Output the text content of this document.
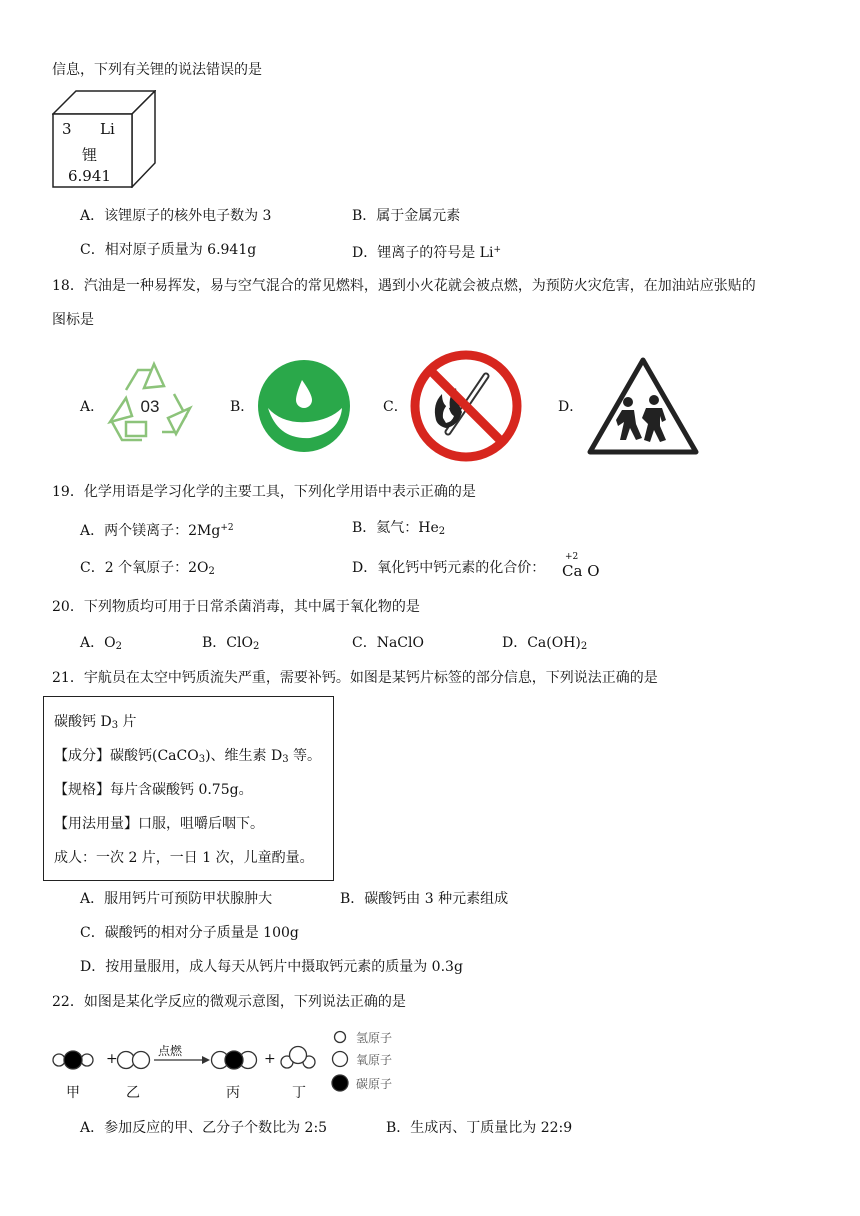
信息，下列有关锂的说法错误的是
3 Li
锂
6.941
A．该锂原子的核外电子数为 3	B．属于金属元素
C．相对原子质量为 6.941g	D．锂离子的符号是 Li+
18．汽油是一种易挥发，易与空气混合的常见燃料，遇到小火花就会被点燃，为预防火灾危害，在加油站应张贴的
图标是
A． 03	B．	C．	D．
19．化学用语是学习化学的主要工具，下列化学用语中表示正确的是
A．两个镁离子：$2Mg^{+2}$	B．氦气：$He_2$
C．2 个氧原子：$2O_2$	D．氧化钙中钙元素的化合价：
+2
Ca O
20．下列物质均可用于日常杀菌消毒，其中属于氧化物的是
A．$O_2$	B．ClO$_2$	C．NaClO	D．$Ca(OH)_2$
21．宇航员在太空中钙质流失严重，需要补钙。如图是某钙片标签的部分信息，下列说法正确的是
碳酸钙 $D_3$ 片
【成分】碳酸钙(CaCO$_3$)、维生素 $D_3$ 等。
【规格】每片含碳酸钙 0.75g。
【用法用量】口服，咀嚼后咽下。
成人：一次 2 片，一日 1 次，儿童酌量。
A．服用钙片可预防甲状腺肿大	B．碳酸钙由 3 种元素组成
C．碳酸钙的相对分子质量是 100g
D．按用量服用，成人每天从钙片中摄取钙元素的质量为 0.3g
22．如图是某化学反应的微观示意图，下列说法正确的是
+	+
点燃
甲	乙	丙	丁
氢原子
氧原子
碳原子
A．参加反应的甲、乙分子个数比为 2:5	B．生成丙、丁质量比为 22:9
